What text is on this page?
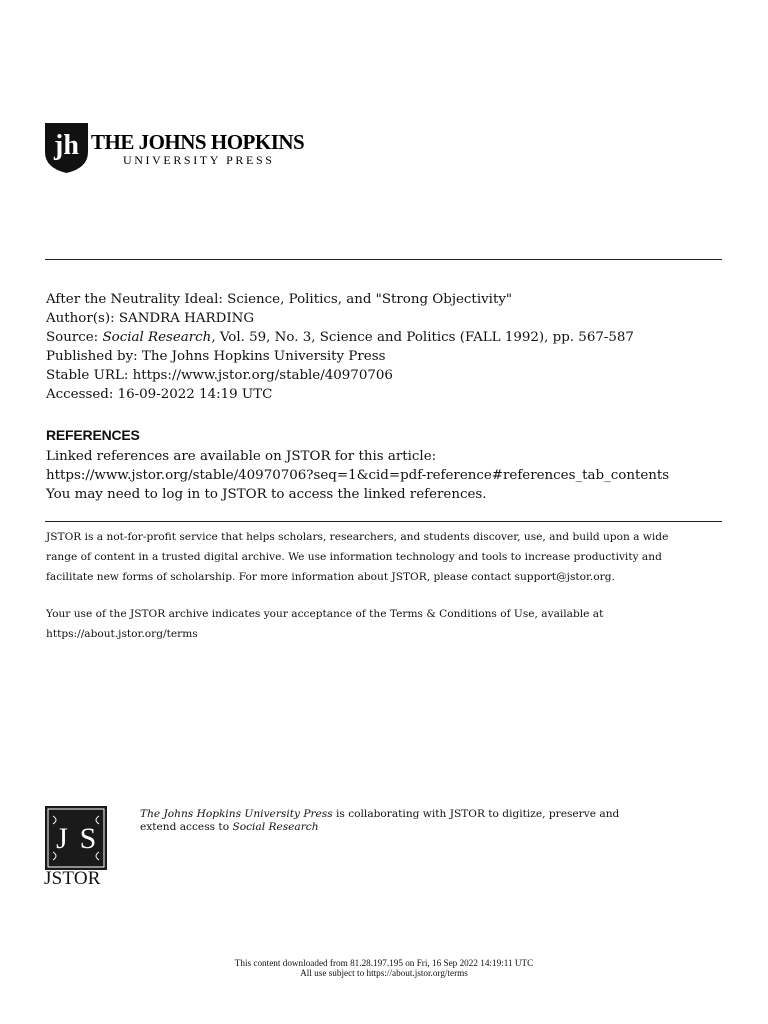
jh THE JOHNS HOPKINS
UNIVERSITY PRESS
After the Neutrality Ideal: Science, Politics, and "Strong Objectivity"
Author(s): SANDRA HARDING
Source: Social Research, Vol. 59, No. 3, Science and Politics (FALL 1992), pp. 567-587
Published by: The Johns Hopkins University Press
Stable URL: https://www.jstor.org/stable/40970706
Accessed: 16-09-2022 14:19 UTC
REFERENCES
Linked references are available on JSTOR for this article:
https://www.jstor.org/stable/40970706?seq=1&cid=pdf-reference#references_tab_contents
You may need to log in to JSTOR to access the linked references.
JSTOR is a not-for-profit service that helps scholars, researchers, and students discover, use, and build upon a wide
range of content in a trusted digital archive. We use information technology and tools to increase productivity and
facilitate new forms of scholarship. For more information about JSTOR, please contact support@jstor.org.
Your use of the JSTOR archive indicates your acceptance of the Terms & Conditions of Use, available at
https://about.jstor.org/terms
J S
JSTOR
The Johns Hopkins University Press is collaborating with JSTOR to digitize, preserve and
extend access to Social Research
This content downloaded from 81.28.197.195 on Fri, 16 Sep 2022 14:19:11 UTC
All use subject to https://about.jstor.org/terms
